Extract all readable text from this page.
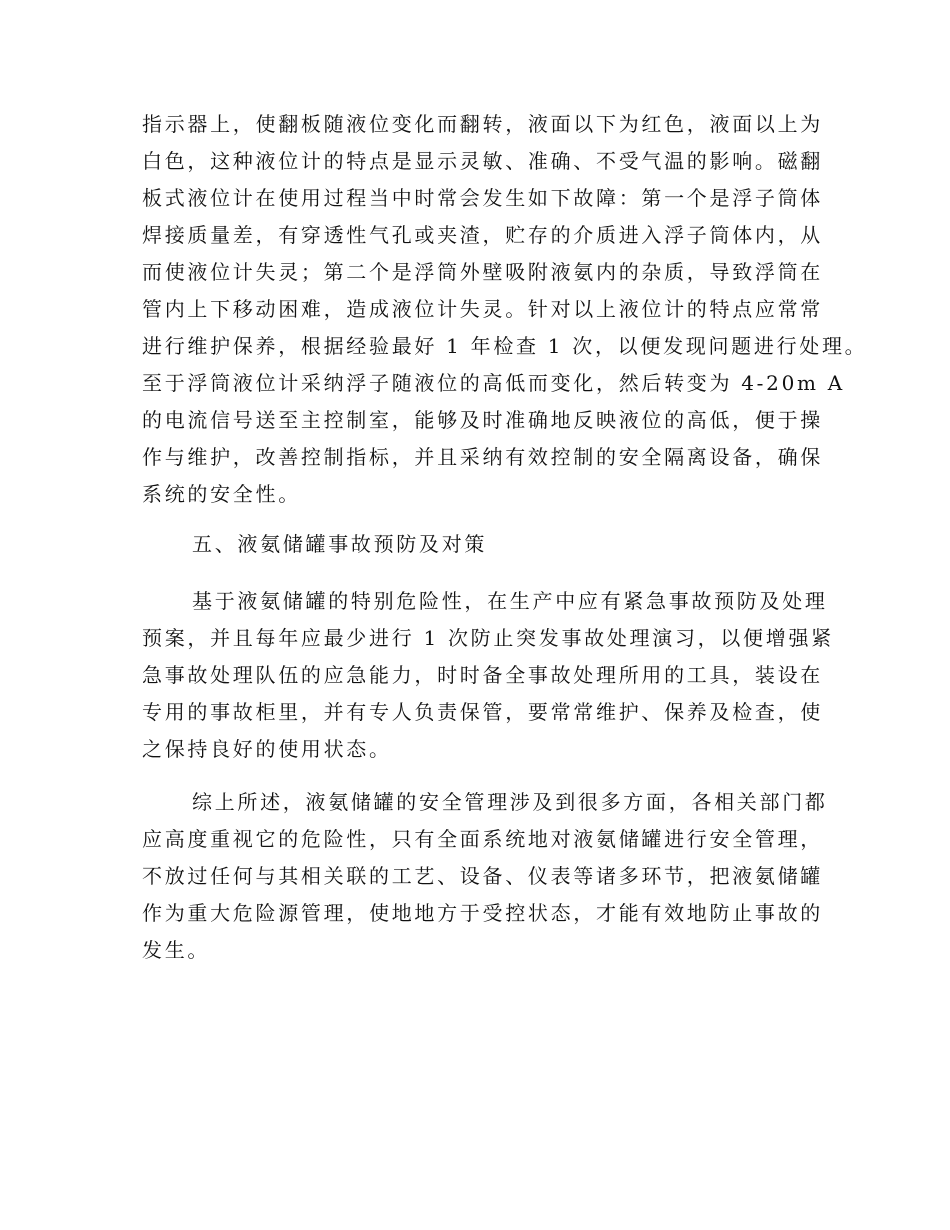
指示器上，使翻板随液位变化而翻转，液面以下为红色，液面以上为
白色，这种液位计的特点是显示灵敏、准确、不受气温的影响。磁翻
板式液位计在使用过程当中时常会发生如下故障：第一个是浮子筒体
焊接质量差，有穿透性气孔或夹渣，贮存的介质进入浮子筒体内，从
而使液位计失灵；第二个是浮筒外壁吸附液氨内的杂质，导致浮筒在
管内上下移动困难，造成液位计失灵。针对以上液位计的特点应常常
进行维护保养，根据经验最好 1 年检查 1 次，以便发现问题进行处理。
至于浮筒液位计采纳浮子随液位的高低而变化，然后转变为 4-20m A
的电流信号送至主控制室，能够及时准确地反映液位的高低，便于操
作与维护，改善控制指标，并且采纳有效控制的安全隔离设备，确保
系统的安全性。
五、液氨储罐事故预防及对策
基于液氨储罐的特别危险性，在生产中应有紧急事故预防及处理
预案，并且每年应最少进行 1 次防止突发事故处理演习，以便增强紧
急事故处理队伍的应急能力，时时备全事故处理所用的工具，装设在
专用的事故柜里，并有专人负责保管，要常常维护、保养及检查，使
之保持良好的使用状态。
综上所述，液氨储罐的安全管理涉及到很多方面，各相关部门都
应高度重视它的危险性，只有全面系统地对液氨储罐进行安全管理，
不放过任何与其相关联的工艺、设备、仪表等诸多环节，把液氨储罐
作为重大危险源管理，使地地方于受控状态，才能有效地防止事故的
发生。
